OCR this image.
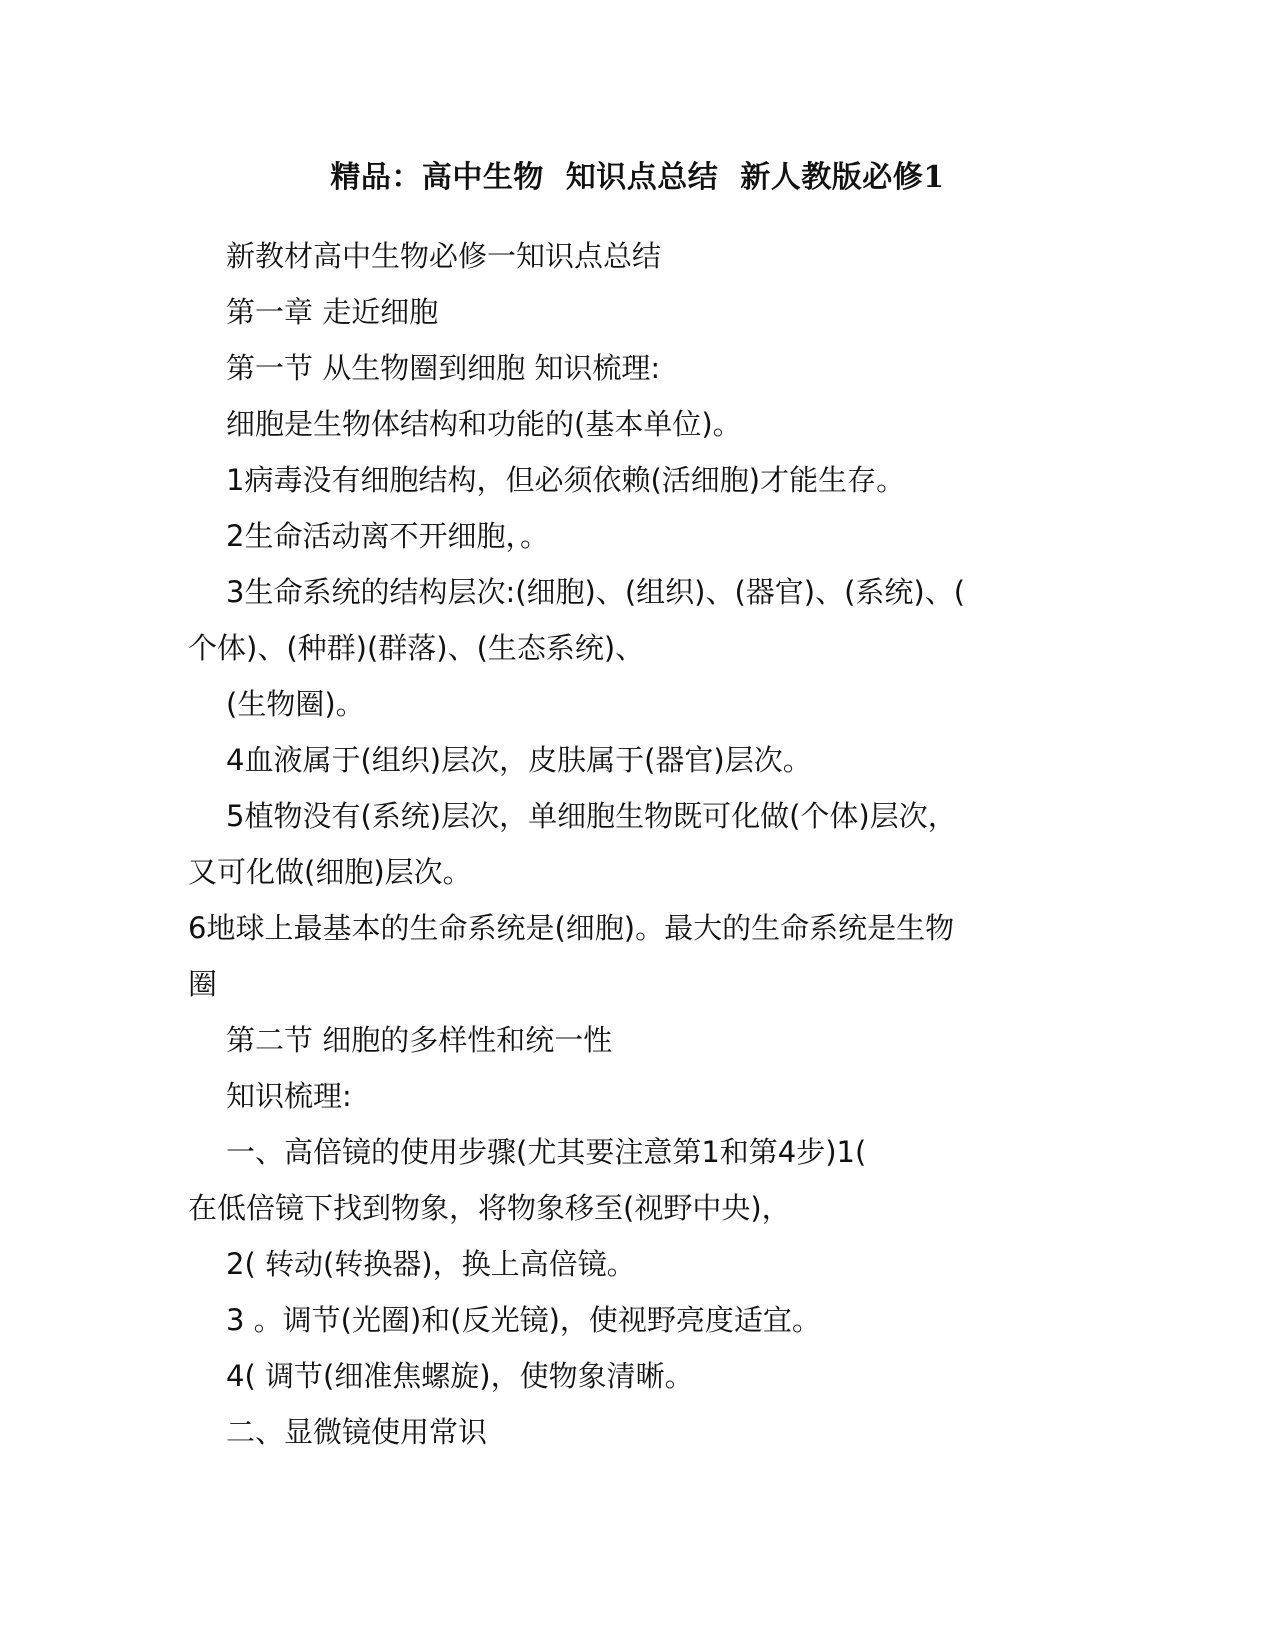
精品：高中生物  知识点总结  新人教版必修1
新教材高中生物必修一知识点总结
第一章 走近细胞
第一节 从生物圈到细胞 知识梳理:
细胞是生物体结构和功能的(基本单位)。
1病毒没有细胞结构，但必须依赖(活细胞)才能生存。
2生命活动离不开细胞，。
3生命系统的结构层次:(细胞)、(组织)、(器官)、(系统)、(
个体)、(种群)(群落)、(生态系统)、
(生物圈)。
4血液属于(组织)层次，皮肤属于(器官)层次。
5植物没有(系统)层次，单细胞生物既可化做(个体)层次，
又可化做(细胞)层次。
6地球上最基本的生命系统是(细胞)。最大的生命系统是生物
圈
第二节 细胞的多样性和统一性
知识梳理:
一、高倍镜的使用步骤(尤其要注意第1和第4步)1(
在低倍镜下找到物象，将物象移至(视野中央)，
2( 转动(转换器)，换上高倍镜。
3 。调节(光圈)和(反光镜)，使视野亮度适宜。
4( 调节(细准焦螺旋)，使物象清晰。
二、显微镜使用常识
